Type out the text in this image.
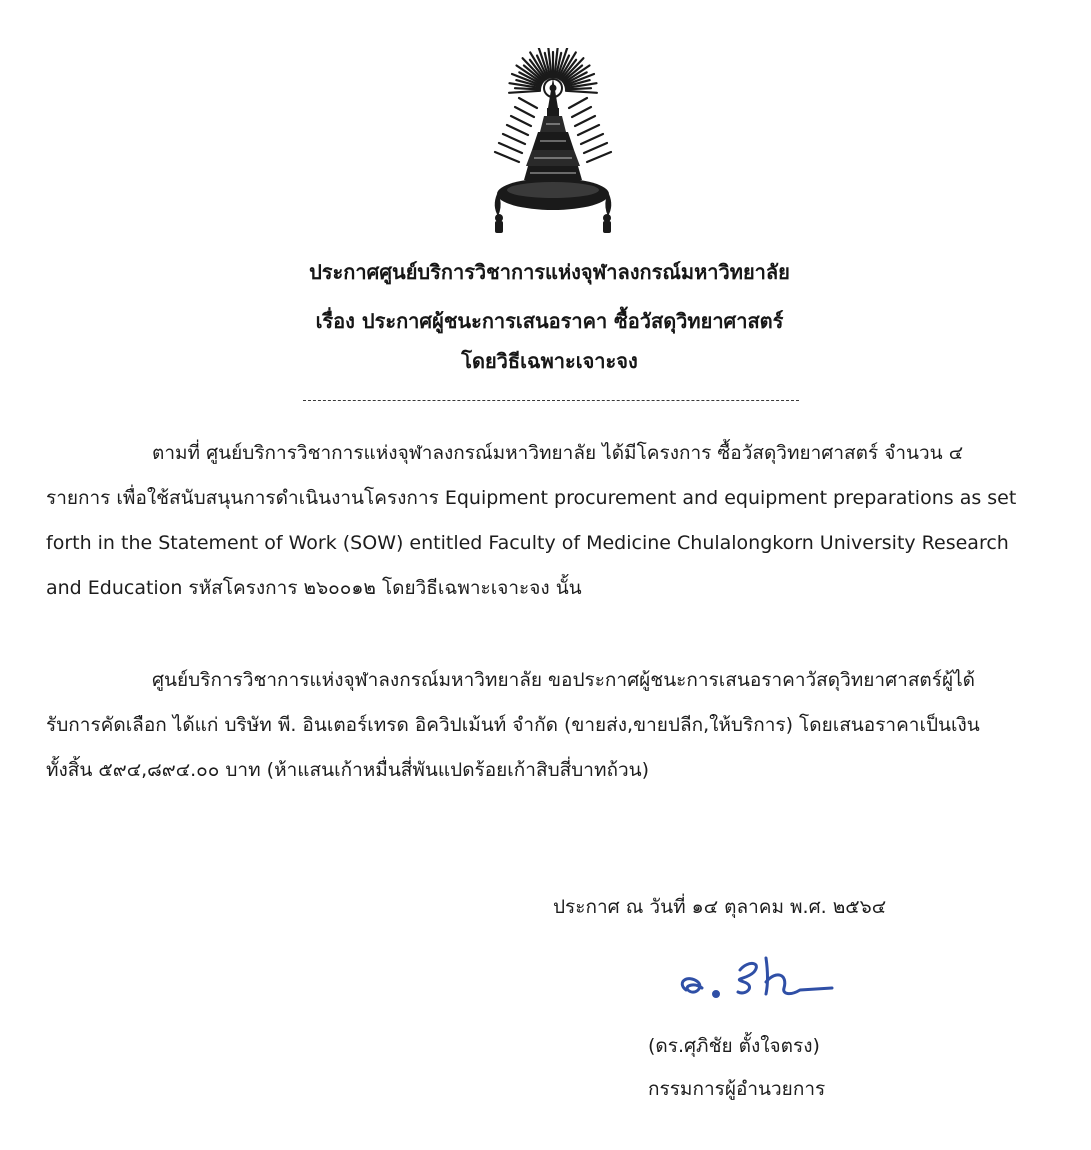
ประกาศศูนย์บริการวิชาการแห่งจุฬาลงกรณ์มหาวิทยาลัย
เรื่อง ประกาศผู้ชนะการเสนอราคา ซื้อวัสดุวิทยาศาสตร์
โดยวิธีเฉพาะเจาะจง
ตามที่ ศูนย์บริการวิชาการแห่งจุฬาลงกรณ์มหาวิทยาลัย ได้มีโครงการ ซื้อวัสดุวิทยาศาสตร์ จำนวน ๔
รายการ เพื่อใช้สนับสนุนการดำเนินงานโครงการ Equipment procurement and equipment preparations as set
forth in the Statement of Work (SOW) entitled Faculty of Medicine Chulalongkorn University Research
and Education รหัสโครงการ ๒๖๐๐๑๒ โดยวิธีเฉพาะเจาะจง นั้น
ศูนย์บริการวิชาการแห่งจุฬาลงกรณ์มหาวิทยาลัย ขอประกาศผู้ชนะการเสนอราคาวัสดุวิทยาศาสตร์ผู้ได้
รับการคัดเลือก ได้แก่ บริษัท พี. อินเตอร์เทรด อิควิปเม้นท์ จำกัด (ขายส่ง,ขายปลีก,ให้บริการ) โดยเสนอราคาเป็นเงิน
ทั้งสิ้น ๕๙๔,๘๙๔.๐๐ บาท (ห้าแสนเก้าหมื่นสี่พันแปดร้อยเก้าสิบสี่บาทถ้วน)
ประกาศ ณ วันที่ ๑๔ ตุลาคม พ.ศ. ๒๕๖๔
(ดร.ศุภิชัย ตั้งใจตรง)
กรรมการผู้อำนวยการ
